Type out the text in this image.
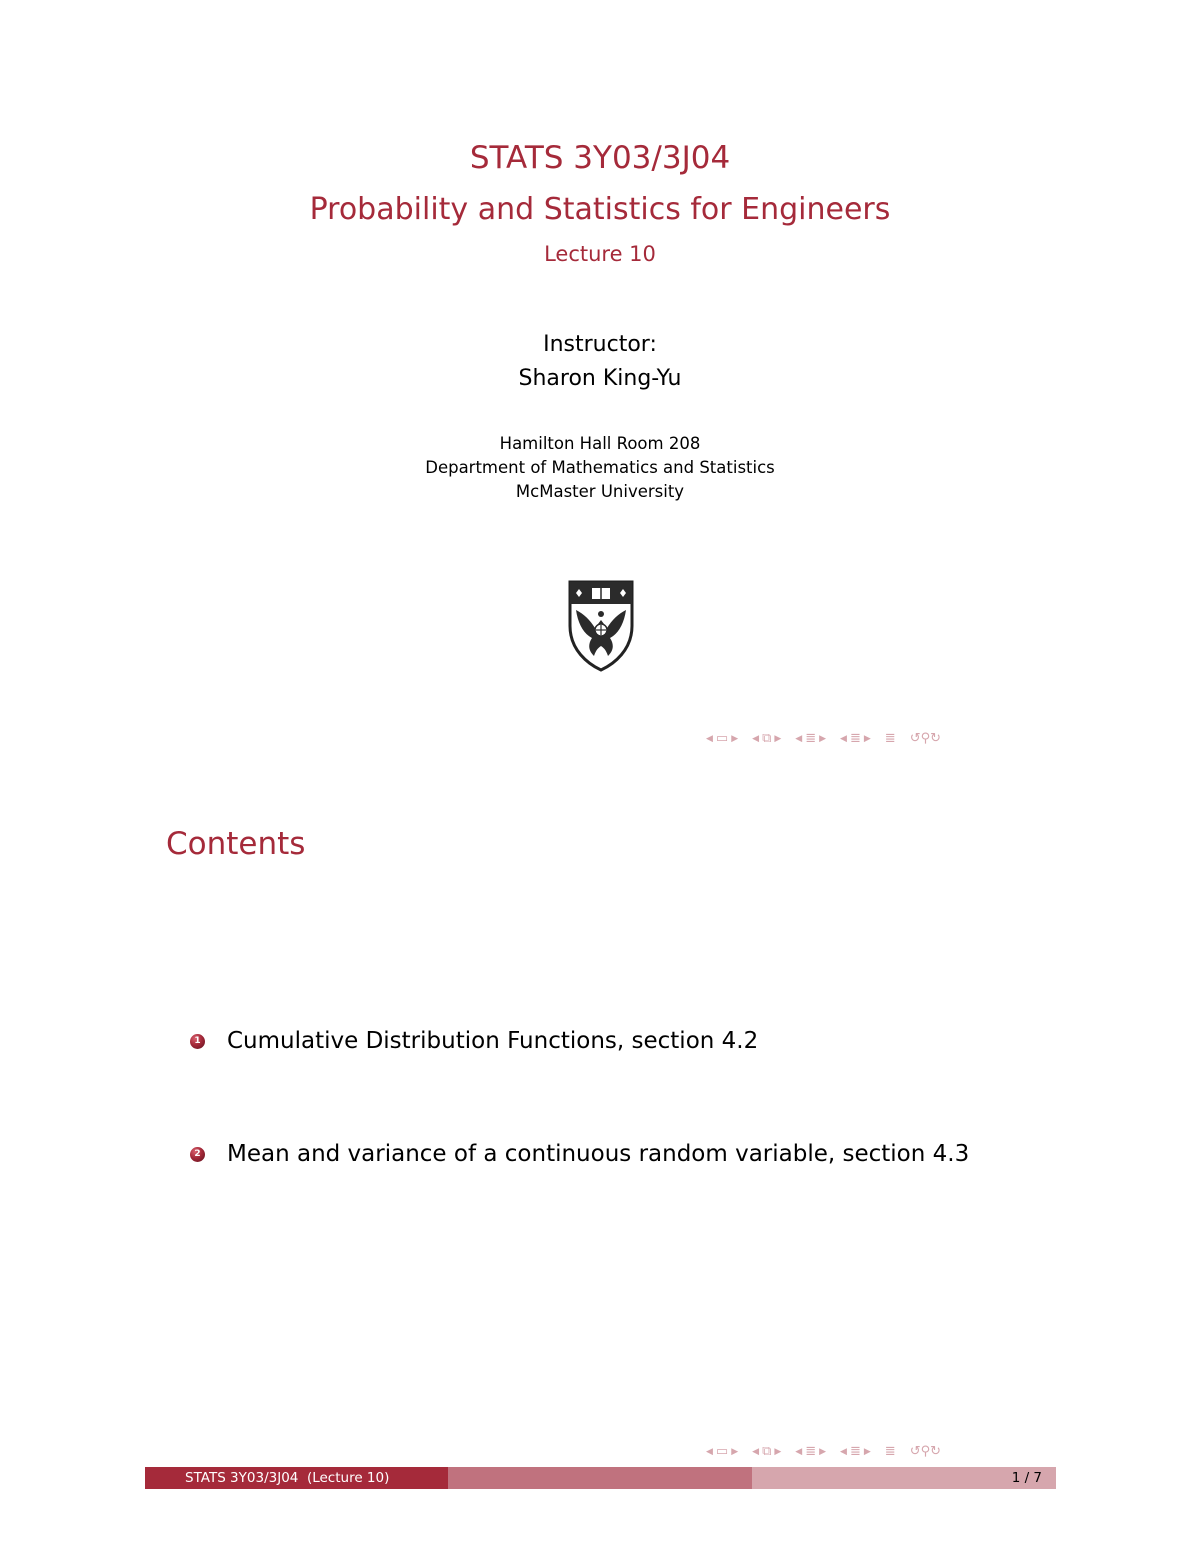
STATS 3Y03/3J04
Probability and Statistics for Engineers
Lecture 10
Instructor:
Sharon King-Yu
Hamilton Hall Room 208
Department of Mathematics and Statistics
McMaster University
◀ ▭ ▶ ◀ ⧉ ▶ ◀ ≣ ▶ ◀ ≣ ▶ ≣ ↺⚲↻
Contents
1 Cumulative Distribution Functions, section 4.2
2 Mean and variance of a continuous random variable, section 4.3
◀ ▭ ▶ ◀ ⧉ ▶ ◀ ≣ ▶ ◀ ≣ ▶ ≣ ↺⚲↻
STATS 3Y03/3J04  (Lecture 10)	1 / 7
